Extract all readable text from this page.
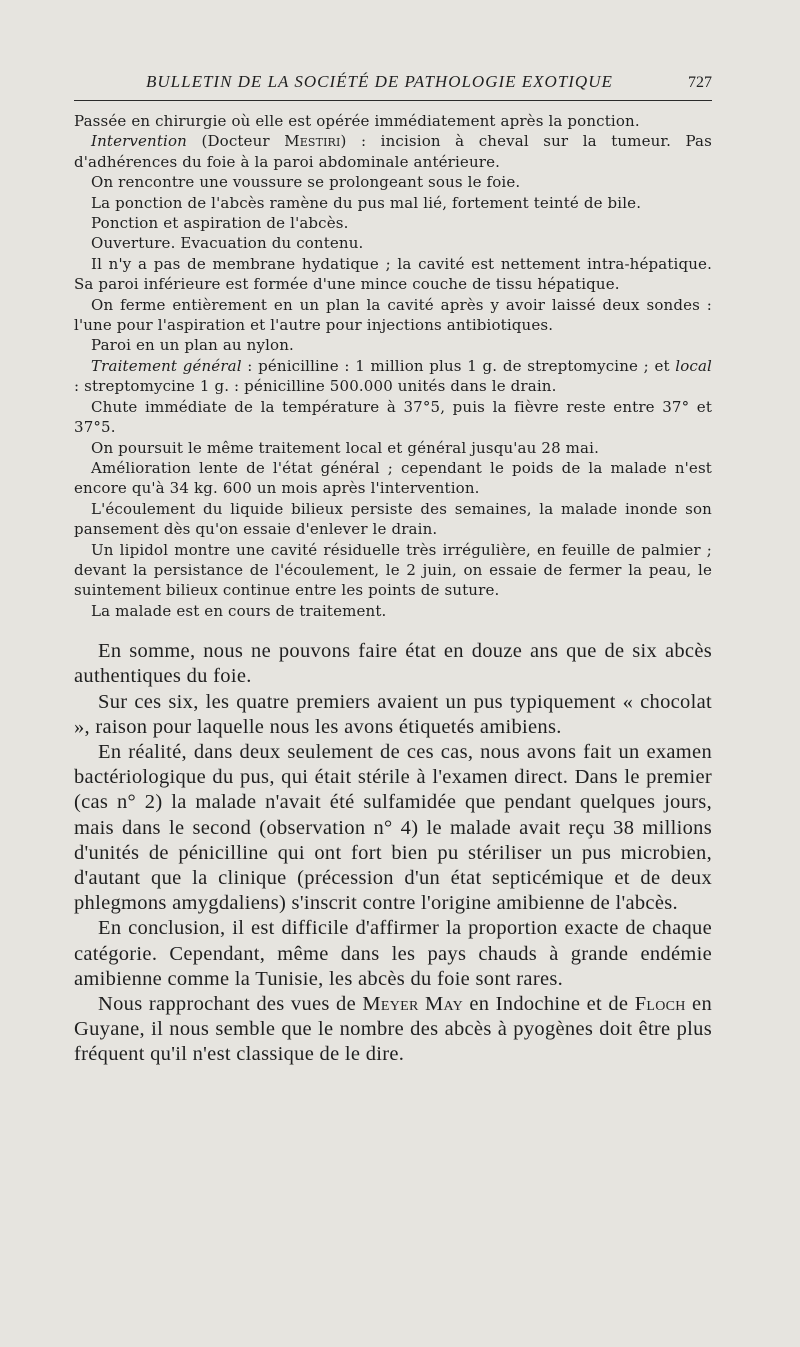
BULLETIN DE LA SOCIÉTÉ DE PATHOLOGIE EXOTIQUE	727

Passée en chirurgie où elle est opérée immédiatement après la ponction.

Intervention (Docteur Mestiri) : incision à cheval sur la tumeur. Pas d'adhérences du foie à la paroi abdominale antérieure.

On rencontre une voussure se prolongeant sous le foie.

La ponction de l'abcès ramène du pus mal lié, fortement teinté de bile.

Ponction et aspiration de l'abcès.

Ouverture. Evacuation du contenu.

Il n'y a pas de membrane hydatique ; la cavité est nettement intra-hépatique. Sa paroi inférieure est formée d'une mince couche de tissu hépatique.

On ferme entièrement en un plan la cavité après y avoir laissé deux sondes : l'une pour l'aspiration et l'autre pour injections antibiotiques.

Paroi en un plan au nylon.

Traitement général : pénicilline : 1 million plus 1 g. de streptomycine ; et local : streptomycine 1 g. : pénicilline 500.000 unités dans le drain.

Chute immédiate de la température à 37°5, puis la fièvre reste entre 37° et 37°5.

On poursuit le même traitement local et général jusqu'au 28 mai.

Amélioration lente de l'état général ; cependant le poids de la malade n'est encore qu'à 34 kg. 600 un mois après l'intervention.

L'écoulement du liquide bilieux persiste des semaines, la malade inonde son pansement dès qu'on essaie d'enlever le drain.

Un lipidol montre une cavité résiduelle très irrégulière, en feuille de palmier ; devant la persistance de l'écoulement, le 2 juin, on essaie de fermer la peau, le suintement bilieux continue entre les points de suture.

La malade est en cours de traitement.

En somme, nous ne pouvons faire état en douze ans que de six abcès authentiques du foie.

Sur ces six, les quatre premiers avaient un pus typiquement « chocolat », raison pour laquelle nous les avons étiquetés amibiens.

En réalité, dans deux seulement de ces cas, nous avons fait un examen bactériologique du pus, qui était stérile à l'examen direct. Dans le premier (cas n° 2) la malade n'avait été sulfamidée que pendant quelques jours, mais dans le second (observation n° 4) le malade avait reçu 38 millions d'unités de pénicilline qui ont fort bien pu stériliser un pus microbien, d'autant que la clinique (précession d'un état septicémique et de deux phlegmons amygdaliens) s'inscrit contre l'origine amibienne de l'abcès.

En conclusion, il est difficile d'affirmer la proportion exacte de chaque catégorie. Cependant, même dans les pays chauds à grande endémie amibienne comme la Tunisie, les abcès du foie sont rares.

Nous rapprochant des vues de Meyer May en Indochine et de Floch en Guyane, il nous semble que le nombre des abcès à pyogènes doit être plus fréquent qu'il n'est classique de le dire.
